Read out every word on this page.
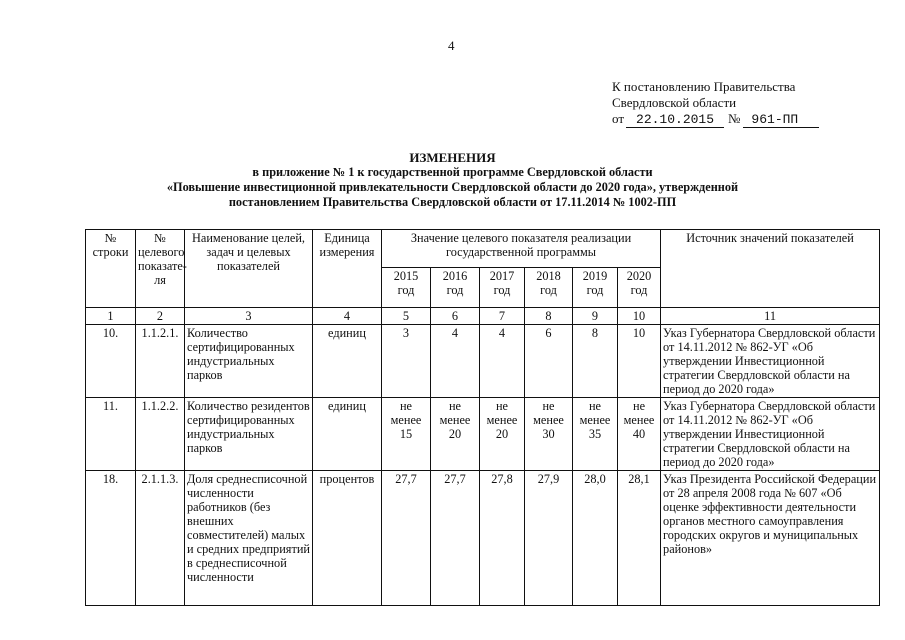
4
К постановлению Правительства
Свердловской области
от 22.10.2015	№ 961-ПП
ИЗМЕНЕНИЯ
в приложение № 1 к государственной программе Свердловской области
«Повышение инвестиционной привлекательности Свердловской области до 2020 года», утвержденной
постановлением Правительства Свердловской области от 17.11.2014 № 1002-ПП
№ строки	№ целевого показате-ля	Наименование целей, задач и целевых показателей	Единица измерения	Значение целевого показателя реализации государственной программы						Источник значений показателей
				2015 год	2016 год	2017 год	2018 год	2019 год	2020 год	
1	2	3	4	5	6	7	8	9	10	11
10.	1.1.2.1.	Количество сертифицированных индустриальных парков	единиц	3	4	4	6	8	10	Указ Губернатора Свердловской области от 14.11.2012 № 862-УГ «Об утверждении Инвестиционной стратегии Свердловской области на период до 2020 года»
11.	1.1.2.2.	Количество резидентов сертифицированных индустриальных парков	единиц	не менее 15	не менее 20	не менее 20	не менее 30	не менее 35	не менее 40	Указ Губернатора Свердловской области от 14.11.2012 № 862-УГ «Об утверждении Инвестиционной стратегии Свердловской области на период до 2020 года»
18.	2.1.1.3.	Доля среднесписочной численности работников (без внешних совместителей) малых и средних предприятий в среднесписочной численности	процентов	27,7	27,7	27,8	27,9	28,0	28,1	Указ Президента Российской Федерации от 28 апреля 2008 года № 607 «Об оценке эффективности деятельности органов местного самоуправления городских округов и муниципальных районов»
